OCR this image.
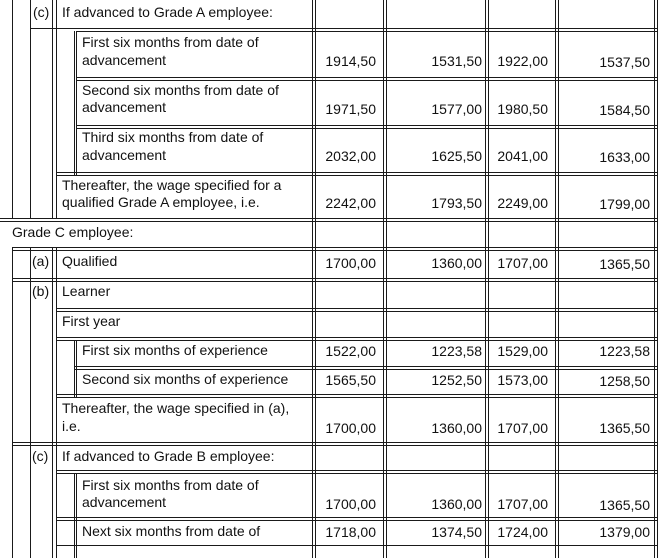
(c) If advanced to Grade A employee:
First six months from date of
advancement	1914,50	1531,50	1922,00	1537,50
Second six months from date of
advancement	1971,50	1577,00	1980,50	1584,50
Third six months from date of
advancement	2032,00	1625,50	2041,00	1633,00
Thereafter, the wage specified for a
qualified Grade A employee, i.e.	2242,00	1793,50	2249,00	1799,00
Grade C employee:
(a) Qualified	1700,00	1360,00	1707,00	1365,50
(b) Learner
First year
First six months of experience	1522,00	1223,58	1529,00	1223,58
Second six months of experience	1565,50	1252,50	1573,00	1258,50
Thereafter, the wage specified in (a),
i.e.	1700,00	1360,00	1707,00	1365,50
(c) If advanced to Grade B employee:
First six months from date of
advancement	1700,00	1360,00	1707,00	1365,50
Next six months from date of	1718,00	1374,50	1724,00	1379,00
